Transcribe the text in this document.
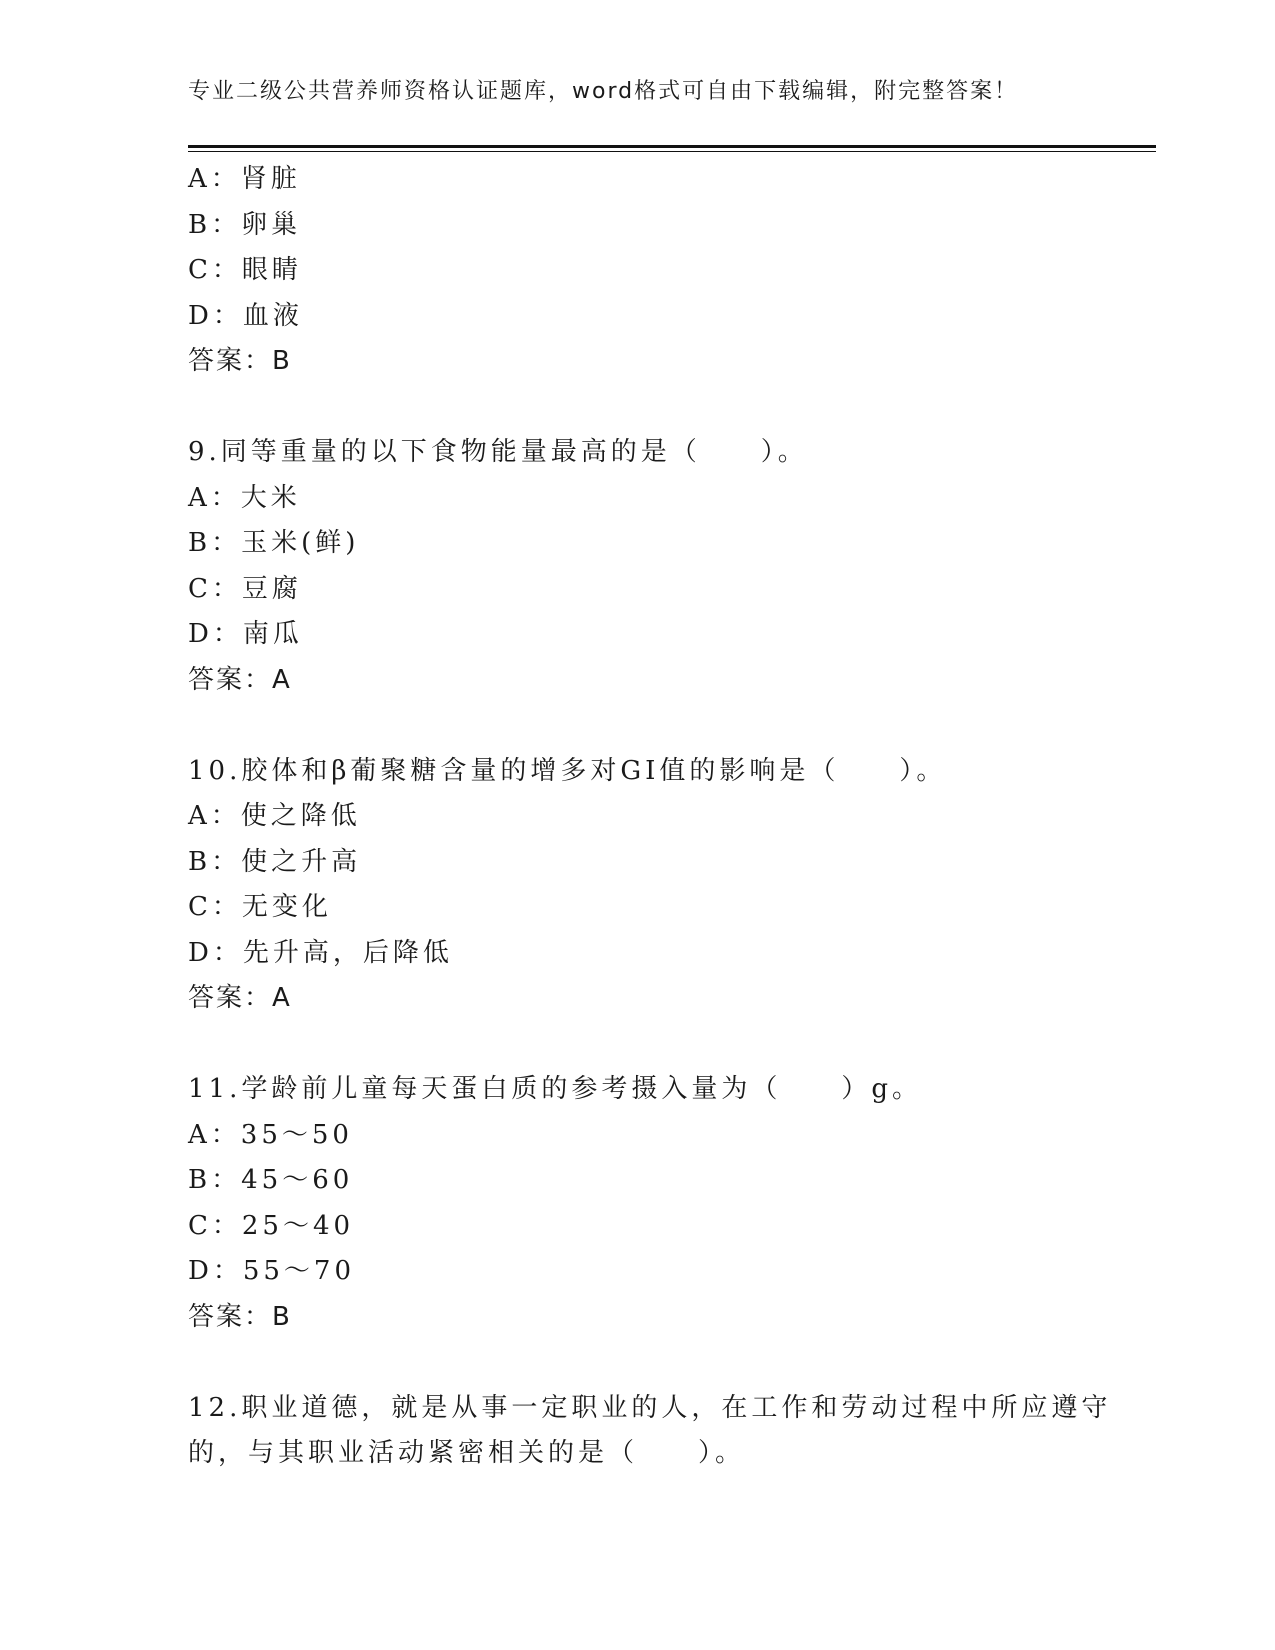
专业二级公共营养师资格认证题库，word格式可自由下载编辑，附完整答案！
A：肾脏
B：卵巢
C：眼睛
D：血液
答案：B
9.同等重量的以下食物能量最高的是（　　）。
A：大米
B：玉米(鲜)
C：豆腐
D：南瓜
答案：A
10.胶体和β葡聚糖含量的增多对GI值的影响是（　　）。
A：使之降低
B：使之升高
C：无变化
D：先升高，后降低
答案：A
11.学龄前儿童每天蛋白质的参考摄入量为（　　）g。
A：35～50
B：45～60
C：25～40
D：55～70
答案：B
12.职业道德，就是从事一定职业的人，在工作和劳动过程中所应遵守
的，与其职业活动紧密相关的是（　　）。
